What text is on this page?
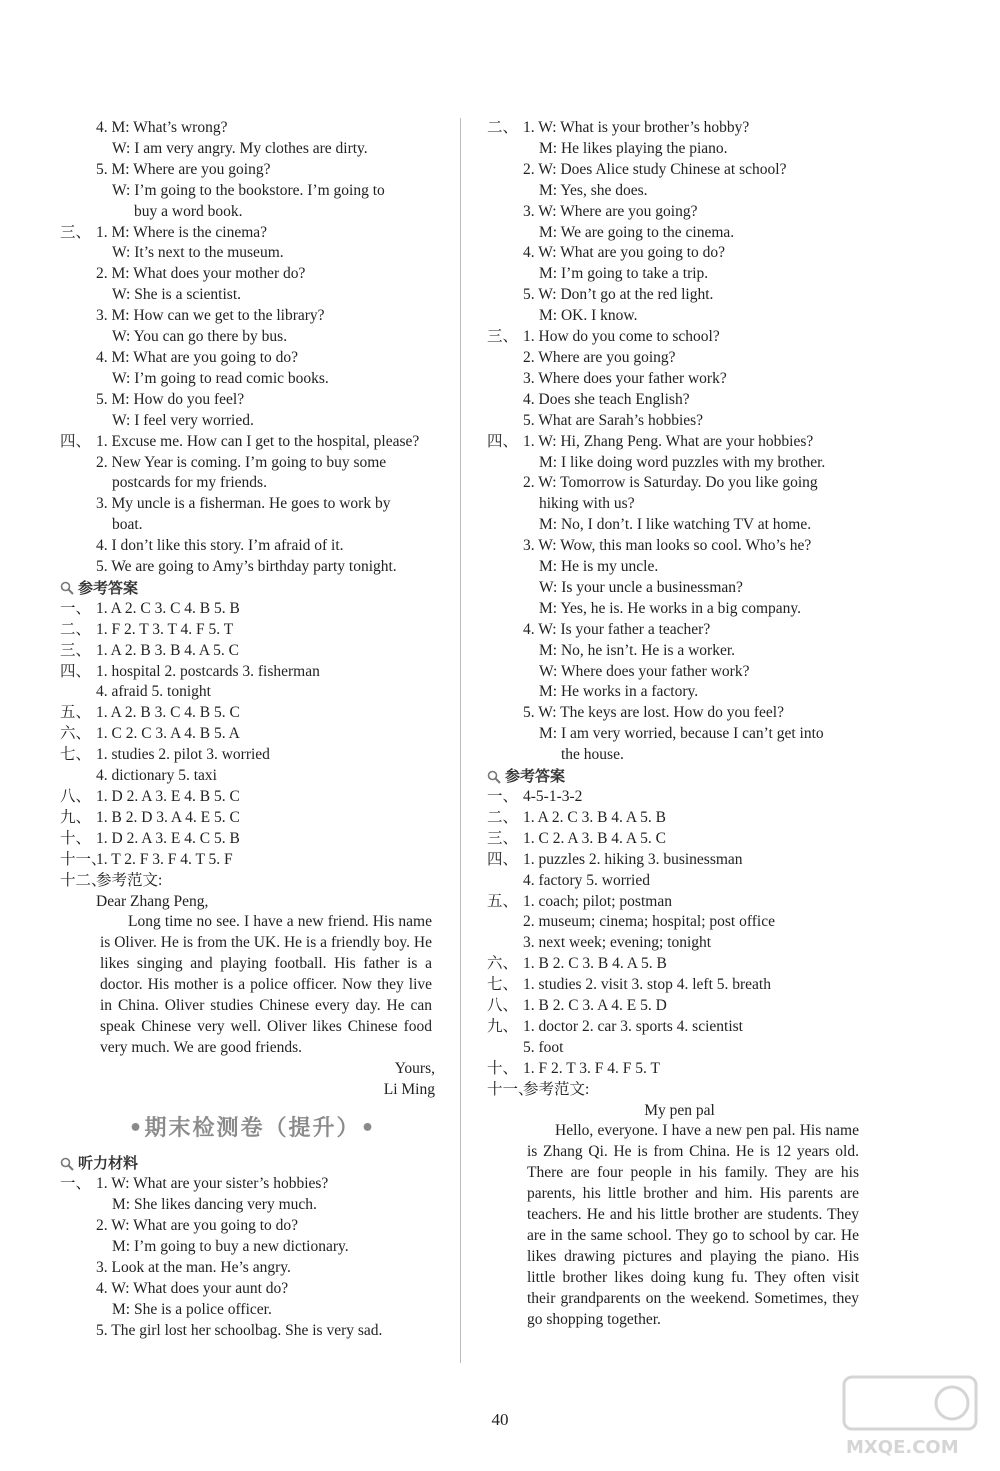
4. M: What’s wrong?
W: I am very angry. My clothes are dirty.
5. M: Where are you going?
W: I’m going to the bookstore. I’m going to
buy a word book.
三、 1. M: Where is the cinema?
W: It’s next to the museum.
2. M: What does your mother do?
W: She is a scientist.
3. M: How can we get to the library?
W: You can go there by bus.
4. M: What are you going to do?
W: I’m going to read comic books.
5. M: How do you feel?
W: I feel very worried.
四、 1. Excuse me. How can I get to the hospital, please?
2. New Year is coming. I’m going to buy some
postcards for my friends.
3. My uncle is a fisherman. He goes to work by
boat.
4. I don’t like this story. I’m afraid of it.
5. We are going to Amy’s birthday party tonight.
参考答案
一、 1. A 2. C 3. C 4. B 5. B
二、 1. F 2. T 3. T 4. F 5. T
三、 1. A 2. B 3. B 4. A 5. C
四、 1. hospital 2. postcards 3. fisherman
4. afraid 5. tonight
五、 1. A 2. B 3. C 4. B 5. C
六、 1. C 2. C 3. A 4. B 5. A
七、 1. studies 2. pilot 3. worried
4. dictionary 5. taxi
八、 1. D 2. A 3. E 4. B 5. C
九、 1. B 2. D 3. A 4. E 5. C
十、 1. D 2. A 3. E 4. C 5. B
十一、1. T 2. F 3. F 4. T 5. F
十二、参考范文:
Dear Zhang Peng,
Long time no see. I have a new friend. His name is Oliver. He is from the UK. He is a friendly boy. He likes singing and playing football. His father is a doctor. His mother is a police officer. Now they live in China. Oliver studies Chinese every day. He can speak Chinese very well. Oliver likes Chinese food very much. We are good friends.
Yours,
Li Ming
•期末检测卷（提升）•
听力材料
一、 1. W: What are your sister’s hobbies?
M: She likes dancing very much.
2. W: What are you going to do?
M: I’m going to buy a new dictionary.
3. Look at the man. He’s angry.
4. W: What does your aunt do?
M: She is a police officer.
5. The girl lost her schoolbag. She is very sad.
二、 1. W: What is your brother’s hobby?
M: He likes playing the piano.
2. W: Does Alice study Chinese at school?
M: Yes, she does.
3. W: Where are you going?
M: We are going to the cinema.
4. W: What are you going to do?
M: I’m going to take a trip.
5. W: Don’t go at the red light.
M: OK. I know.
三、 1. How do you come to school?
2. Where are you going?
3. Where does your father work?
4. Does she teach English?
5. What are Sarah’s hobbies?
四、 1. W: Hi, Zhang Peng. What are your hobbies?
M: I like doing word puzzles with my brother.
2. W: Tomorrow is Saturday. Do you like going
hiking with us?
M: No, I don’t. I like watching TV at home.
3. W: Wow, this man looks so cool. Who’s he?
M: He is my uncle.
W: Is your uncle a businessman?
M: Yes, he is. He works in a big company.
4. W: Is your father a teacher?
M: No, he isn’t. He is a worker.
W: Where does your father work?
M: He works in a factory.
5. W: The keys are lost. How do you feel?
M: I am very worried, because I can’t get into
the house.
参考答案
一、 4-5-1-3-2
二、 1. A 2. C 3. B 4. A 5. B
三、 1. C 2. A 3. B 4. A 5. C
四、 1. puzzles 2. hiking 3. businessman
4. factory 5. worried
五、 1. coach; pilot; postman
2. museum; cinema; hospital; post office
3. next week; evening; tonight
六、 1. B 2. C 3. B 4. A 5. B
七、 1. studies 2. visit 3. stop 4. left 5. breath
八、 1. B 2. C 3. A 4. E 5. D
九、 1. doctor 2. car 3. sports 4. scientist
5. foot
十、 1. F 2. T 3. F 4. F 5. T
十一、参考范文:
My pen pal
Hello, everyone. I have a new pen pal. His name is Zhang Qi. He is from China. He is 12 years old. There are four people in his family. They are his parents, his little brother and him. His parents are teachers. He and his little brother are students. They are in the same school. They go to school by car. He likes drawing pictures and playing the piano. His little brother likes doing kung fu. They often visit their grandparents on the weekend. Sometimes, they go shopping together.
40
MXQE.COM
